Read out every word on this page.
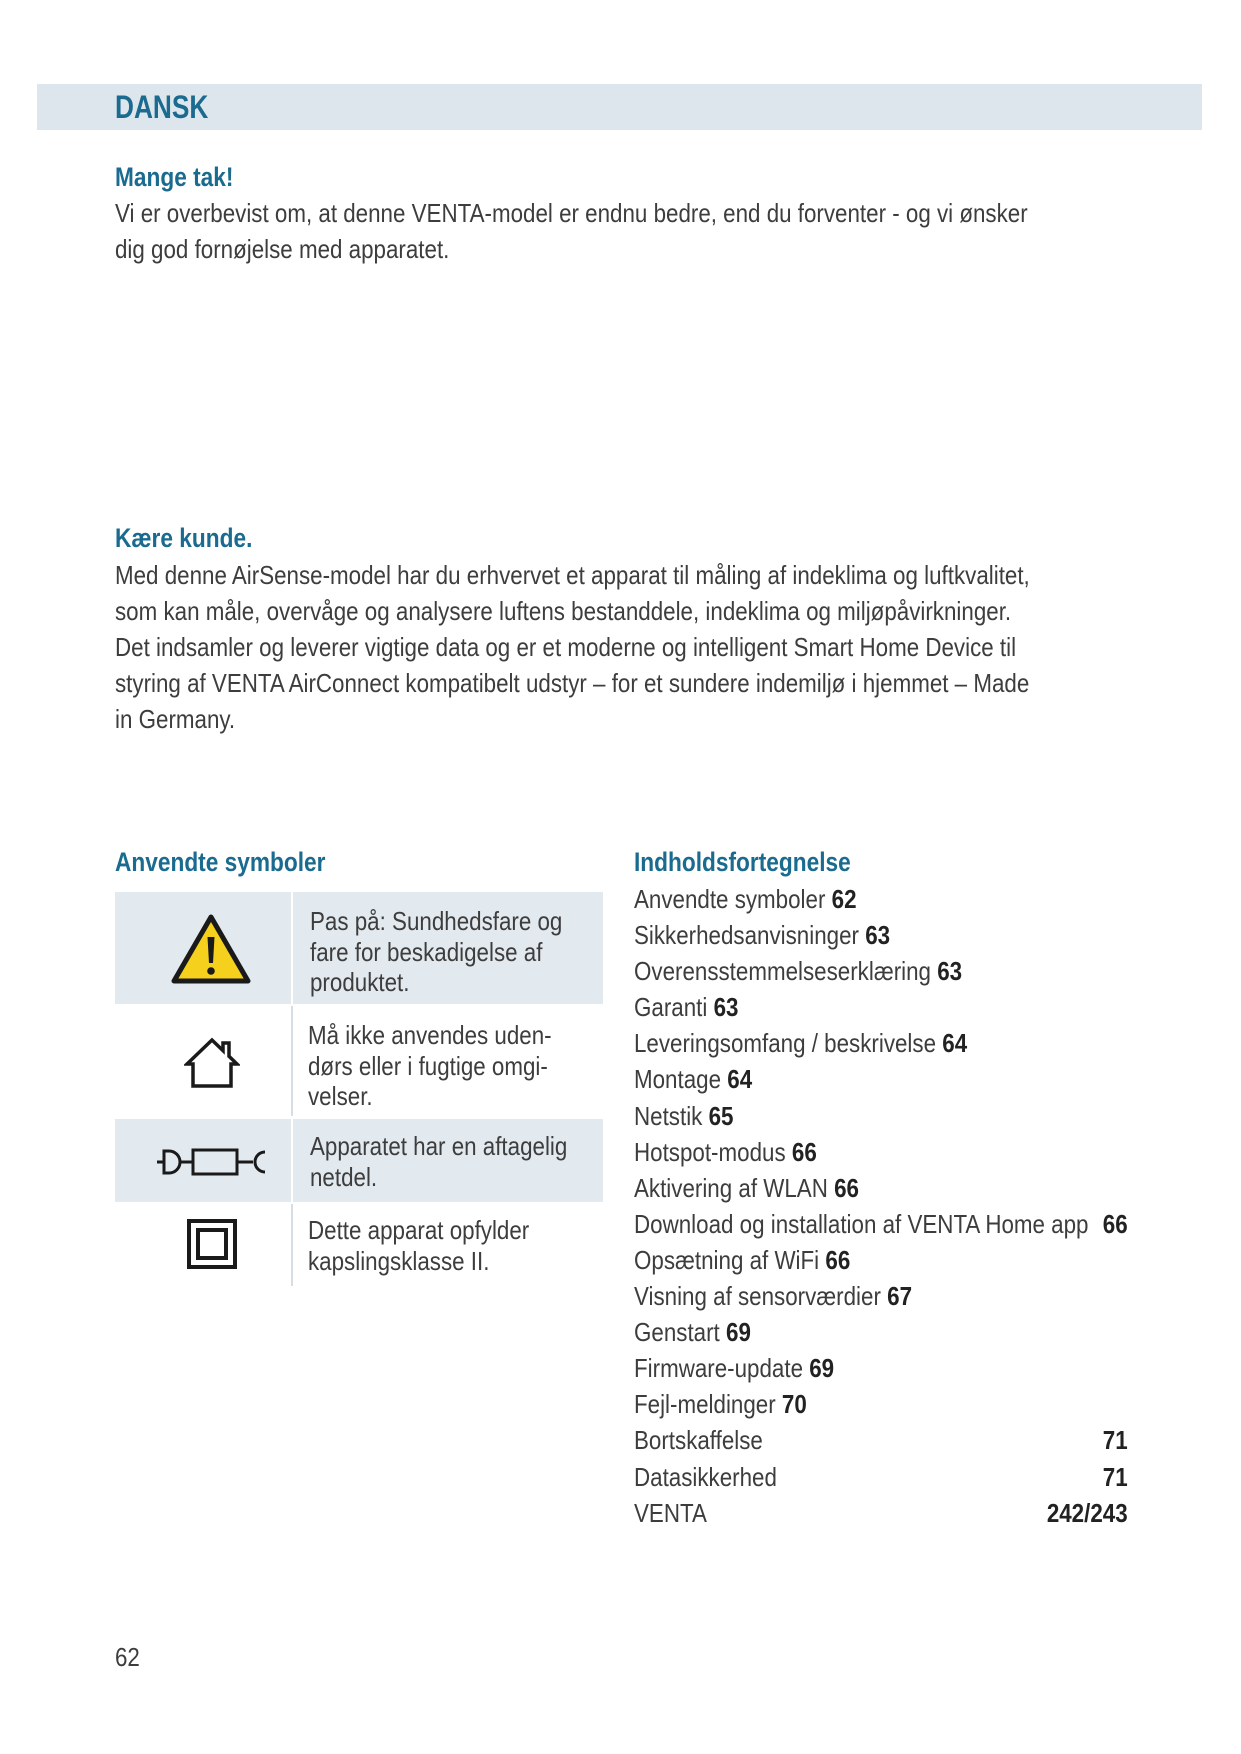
DANSK
Mange tak!
Vi er overbevist om, at denne VENTA-model er endnu bedre, end du forventer - og vi ønsker
dig god fornøjelse med apparatet.
Kære kunde.
Med denne AirSense-model har du erhvervet et apparat til måling af indeklima og luftkvalitet,
som kan måle, overvåge og analysere luftens bestanddele, indeklima og miljøpåvirkninger.
Det indsamler og leverer vigtige data og er et moderne og intelligent Smart Home Device til
styring af VENTA AirConnect kompatibelt udstyr – for et sundere indemiljø i hjemmet – Made
in Germany.
Anvendte symboler
Pas på: Sundhedsfare og
fare for beskadigelse af
produktet.
Må ikke anvendes uden-
dørs eller i fugtige omgi-
velser.
Apparatet har en aftagelig
netdel.
Dette apparat opfylder
kapslingsklasse II.
Indholdsfortegnelse
Anvendte symboler 62
Sikkerhedsanvisninger 63
Overensstemmelseserklæring 63
Garanti 63
Leveringsomfang / beskrivelse 64
Montage 64
Netstik 65
Hotspot-modus 66
Aktivering af WLAN 66
Download og installation af VENTA Home app 66
Opsætning af WiFi 66
Visning af sensorværdier 67
Genstart 69
Firmware-update 69
Fejl-meldinger 70
Bortskaffelse	71
Datasikkerhed	71
VENTA	242/243
62
